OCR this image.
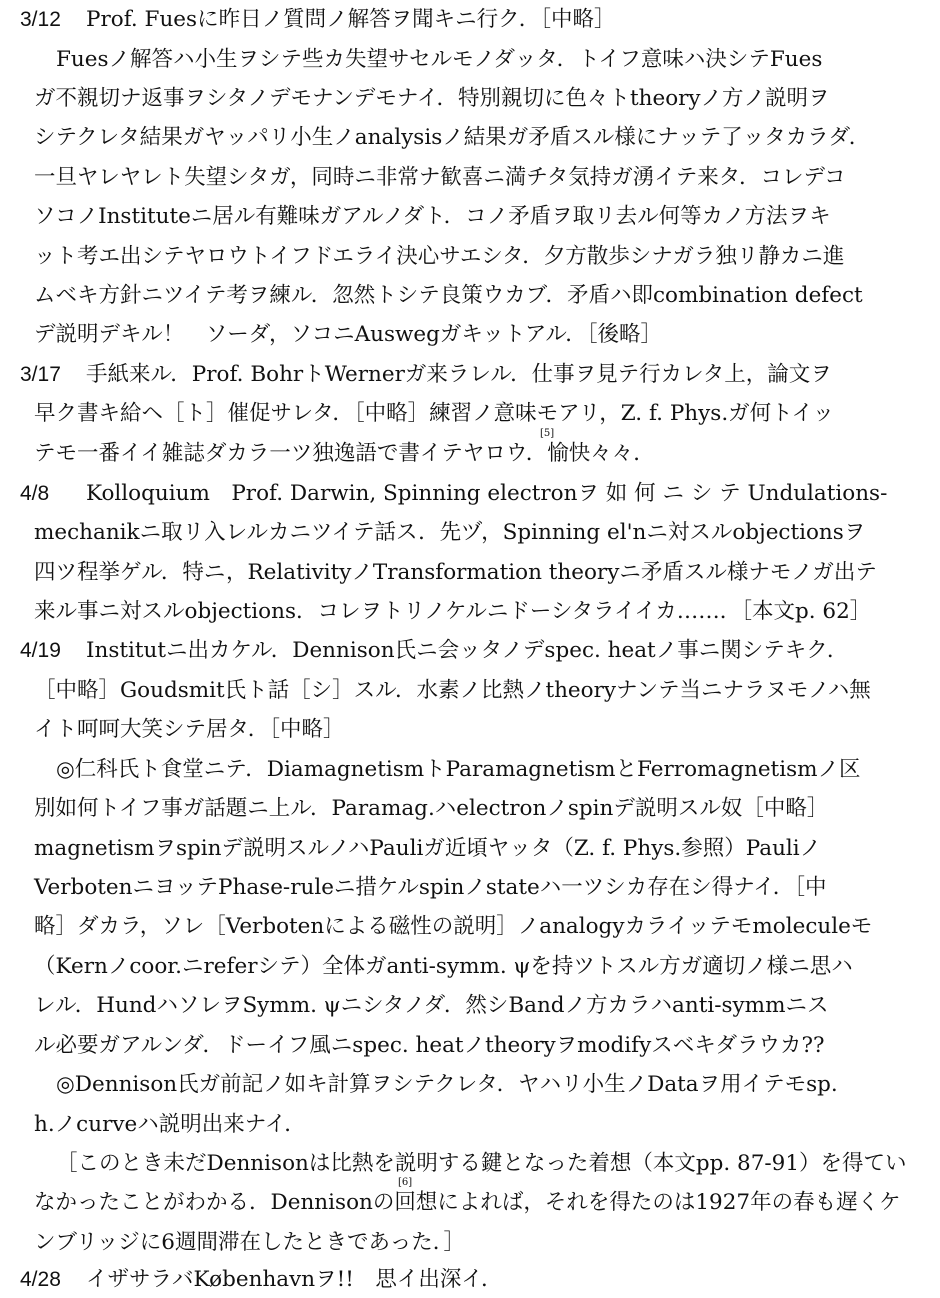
3/12 Prof. Fuesに昨日ノ質問ノ解答ヲ聞キニ行ク．［中略］
Fuesノ解答ハ小生ヲシテ些カ失望サセルモノダッタ．トイフ意味ハ決シテFues
ガ不親切ナ返事ヲシタノデモナンデモナイ．特別親切に色々トtheoryノ方ノ説明ヲ
シテクレタ結果ガヤッパリ小生ノanalysisノ結果ガ矛盾スル様にナッテ了ッタカラダ．
一旦ヤレヤレト失望シタガ，同時ニ非常ナ歓喜ニ満チタ気持ガ湧イテ来タ．コレデコ
ソコノInstituteニ居ル有難味ガアルノダト．コノ矛盾ヲ取リ去ル何等カノ方法ヲキ
ット考エ出シテヤロウトイフドエライ決心サエシタ．夕方散歩シナガラ独リ静カニ進
ムベキ方針ニツイテ考ヲ練ル．忽然トシテ良策ウカブ．矛盾ハ即combination defect
デ説明デキル！　ソーダ，ソコニAuswegガキットアル．［後略］
3/17 手紙来ル．Prof. BohrトWernerガ来ラレル．仕事ヲ見テ行カレタ上，論文ヲ
早ク書キ給ヘ［ト］催促サレタ．［中略］練習ノ意味モアリ，Z. f. Phys.ガ何トイッ
[5]
テモ一番イイ雑誌ダカラ一ツ独逸語で書イテヤロウ．愉快々々．
4/8 Kolloquium　Prof. Darwin, Spinning electronヲ 如 何 ニ シ テ Undulations-
mechanikニ取リ入レルカニツイテ話ス．先ヅ，Spinning el'nニ対スルobjectionsヲ
四ツ程挙ゲル．特ニ，RelativityノTransformation theoryニ矛盾スル様ナモノガ出テ
来ル事ニ対スルobjections．コレヲトリノケルニドーシタライイカ……．［本文p. 62］
4/19 Institutニ出カケル．Dennison氏ニ会ッタノデspec. heatノ事ニ関シテキク．
［中略］Goudsmit氏ト話［シ］スル．水素ノ比熱ノtheoryナンテ当ニナラヌモノハ無
イト呵呵大笑シテ居タ．［中略］
◎仁科氏ト食堂ニテ．DiamagnetismトParamagnetismとFerromagnetismノ区
別如何トイフ事ガ話題ニ上ル．Paramag.ハelectronノspinデ説明スル奴［中略］
magnetismヲspinデ説明スルノハPauliガ近頃ヤッタ（Z. f. Phys.参照）Pauliノ
VerbotenニヨッテPhase-ruleニ措ケルspinノstateハ一ツシカ存在シ得ナイ．［中
略］ダカラ，ソレ［Verbotenによる磁性の説明］ノanalogyカライッテモmoleculeモ
（Kernノcoor.ニreferシテ）全体ガanti-symm. ψを持ツトスル方ガ適切ノ様ニ思ハ
レル．HundハソレヲSymm. ψニシタノダ．然シBandノ方カラハanti-symmニス
ル必要ガアルンダ．ドーイフ風ニspec. heatノtheoryヲmodifyスベキダラウカ??
◎Dennison氏ガ前記ノ如キ計算ヲシテクレタ．ヤハリ小生ノDataヲ用イテモsp.
h.ノcurveハ説明出来ナイ．
［このとき未だDennisonは比熱を説明する鍵となった着想（本文pp. 87-91）を得てい
[6]
なかったことがわかる．Dennisonの回想によれば，それを得たのは1927年の春も遅くケ
ンブリッジに6週間滞在したときであった．］
4/28 イザサラバKøbenhavnヲ!!　思イ出深イ．
